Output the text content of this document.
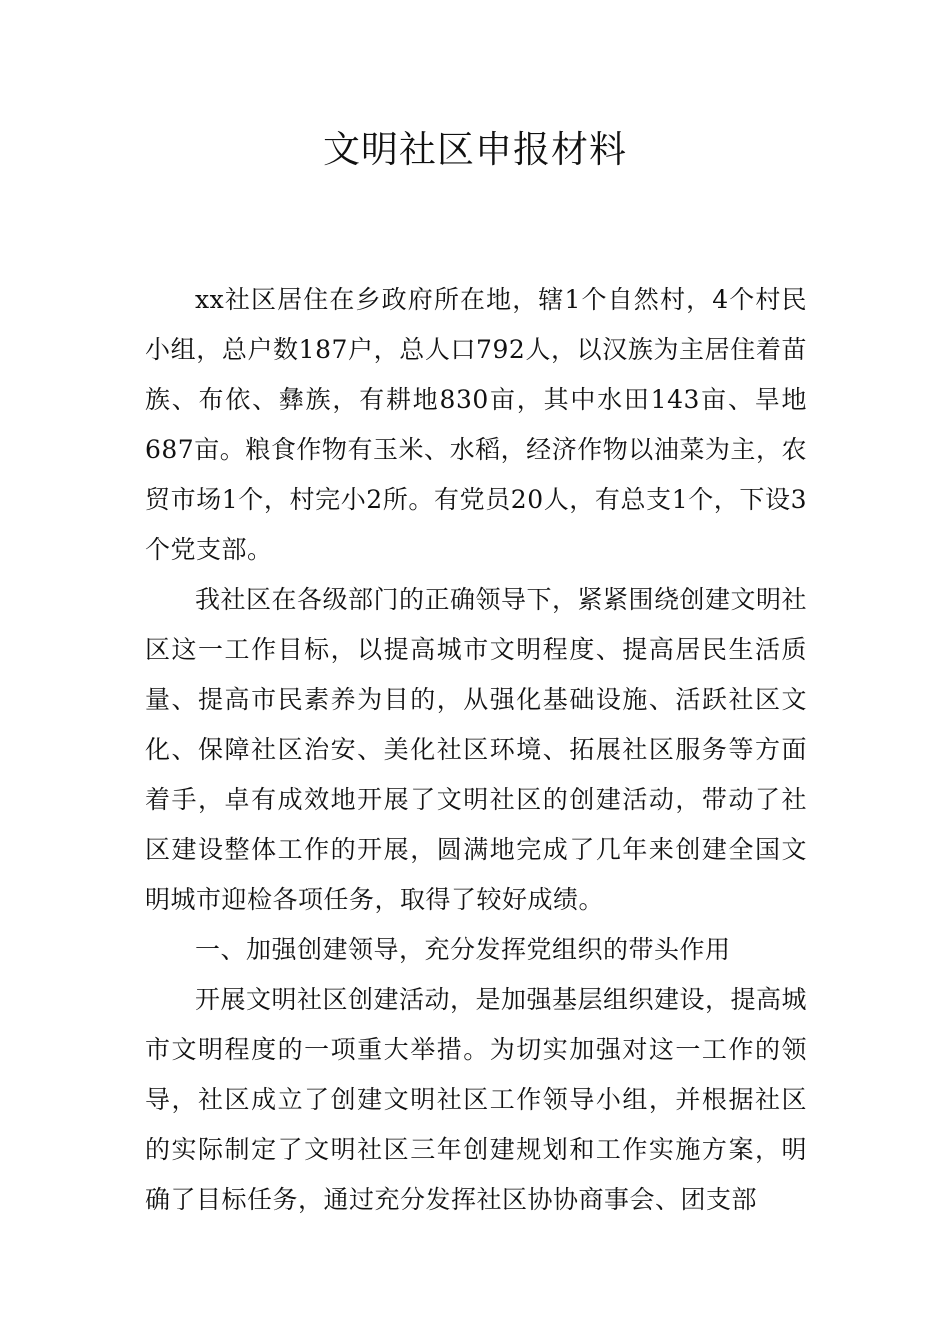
文明社区申报材料

xx社区居住在乡政府所在地，辖1个自然村，4个村民小组，总户数187户，总人口792人，以汉族为主居住着苗族、布依、彝族，有耕地830亩，其中水田143亩、旱地687亩。粮食作物有玉米、水稻，经济作物以油菜为主，农贸市场1个，村完小2所。有党员20人，有总支1个，下设3个党支部。

我社区在各级部门的正确领导下，紧紧围绕创建文明社区这一工作目标，以提高城市文明程度、提高居民生活质量、提高市民素养为目的，从强化基础设施、活跃社区文化、保障社区治安、美化社区环境、拓展社区服务等方面着手，卓有成效地开展了文明社区的创建活动，带动了社区建设整体工作的开展，圆满地完成了几年来创建全国文明城市迎检各项任务，取得了较好成绩。

一、加强创建领导，充分发挥党组织的带头作用

开展文明社区创建活动，是加强基层组织建设，提高城市文明程度的一项重大举措。为切实加强对这一工作的领导，社区成立了创建文明社区工作领导小组，并根据社区的实际制定了文明社区三年创建规划和工作实施方案，明确了目标任务，通过充分发挥社区协协商事会、团支部
